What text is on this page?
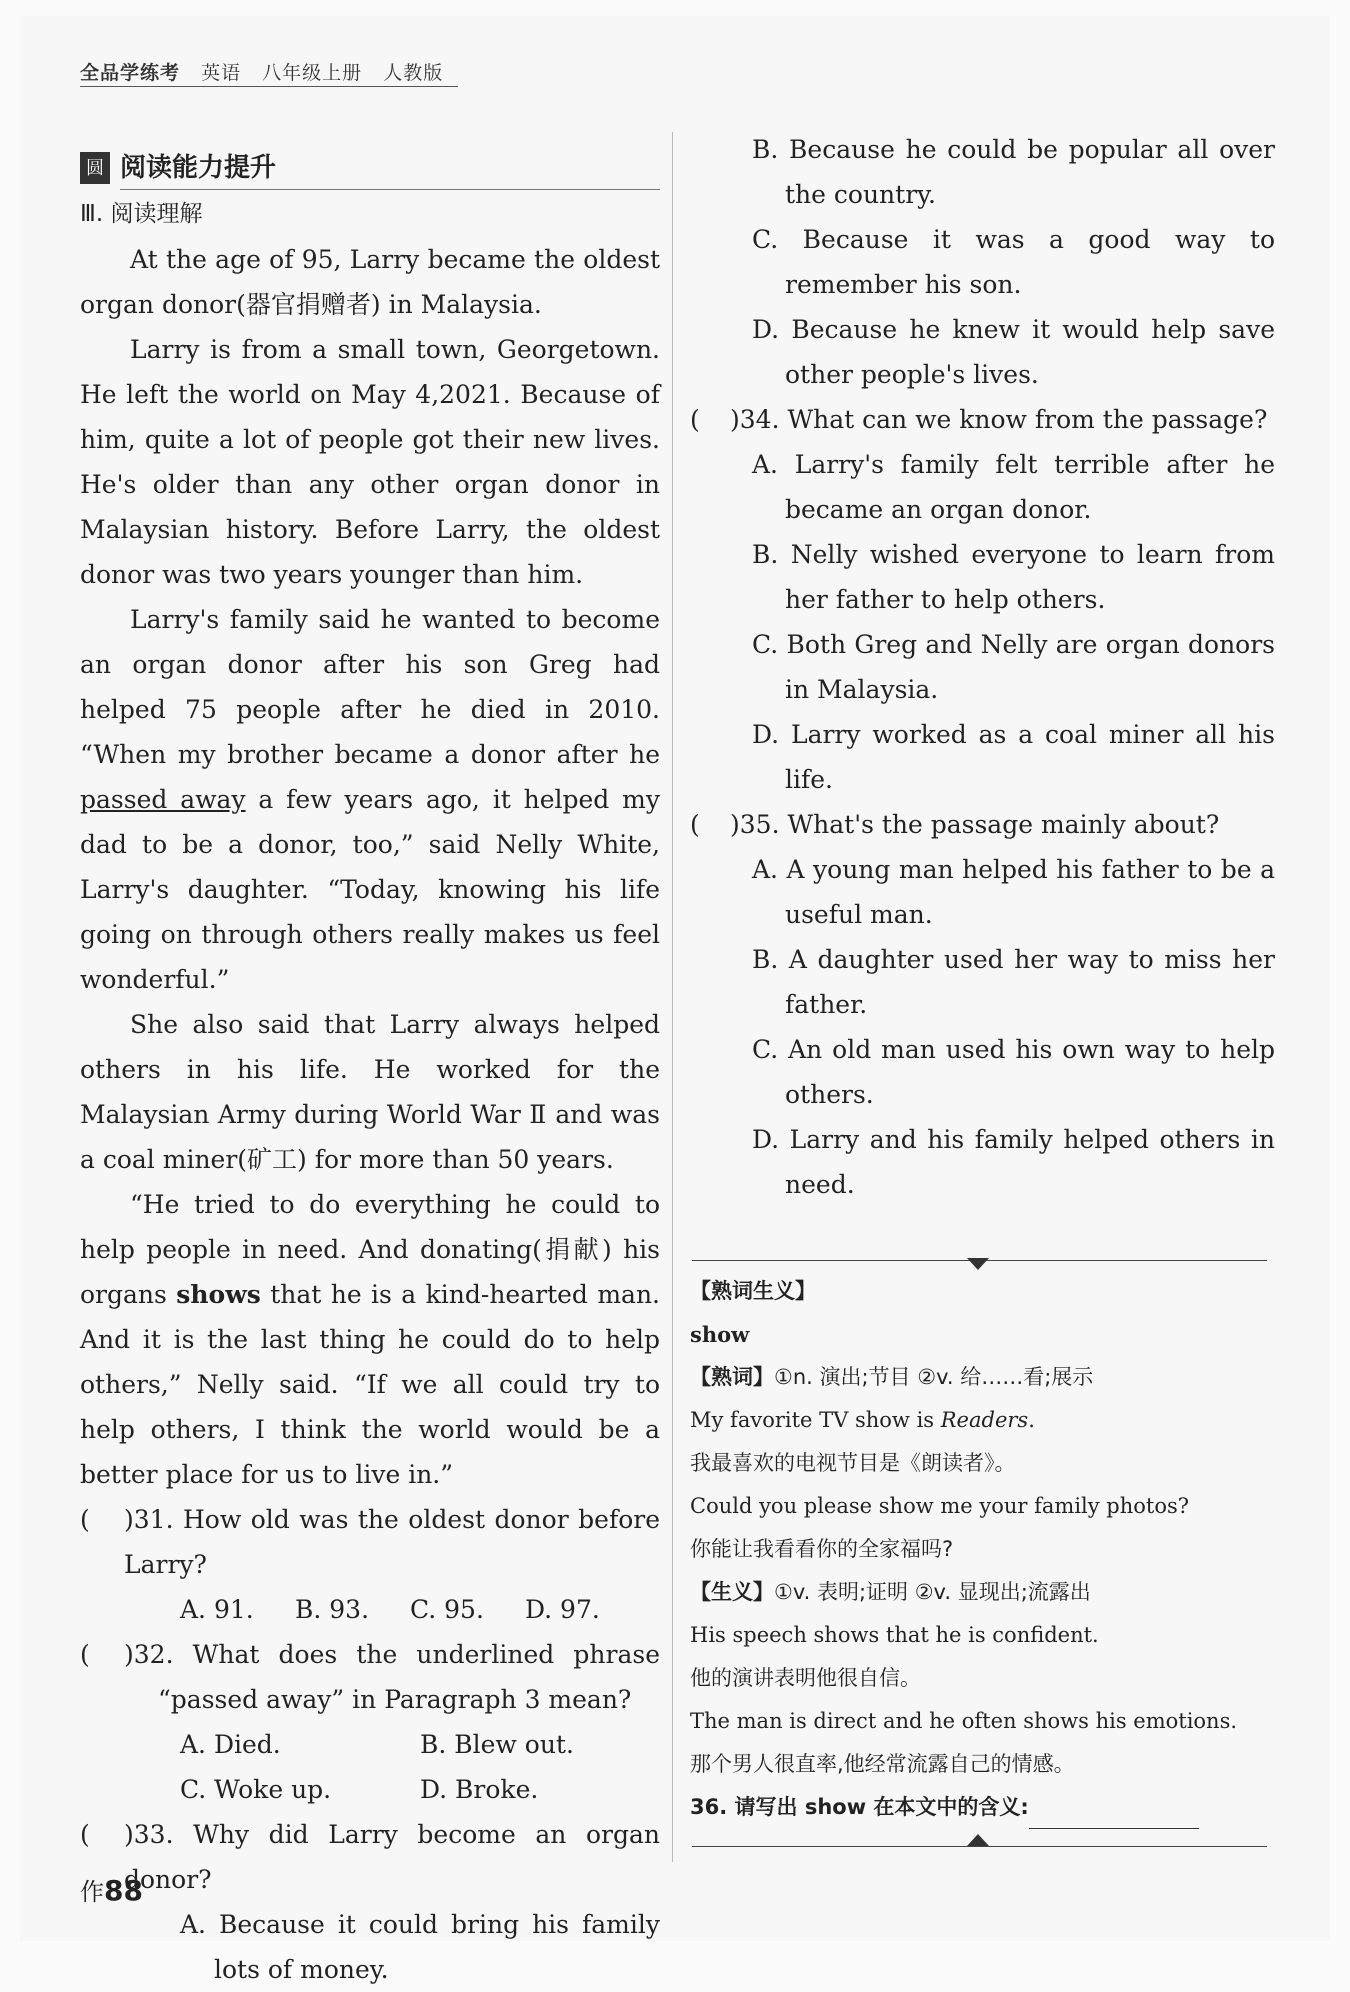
全品学练考 英语 八年级上册 人教版
圆 阅读能力提升
Ⅲ. 阅读理解

At the age of 95, Larry became the oldest organ donor(器官捐赠者) in Malaysia.

Larry is from a small town, Georgetown. He left the world on May 4,2021. Because of him, quite a lot of people got their new lives. He's older than any other organ donor in Malaysian history. Before Larry, the oldest donor was two years younger than him.

Larry's family said he wanted to become an organ donor after his son Greg had helped 75 people after he died in 2010. “When my brother became a donor after he passed away a few years ago, it helped my dad to be a donor, too,” said Nelly White, Larry's daughter. “Today, knowing his life going on through others really makes us feel wonderful.”

She also said that Larry always helped others in his life. He worked for the Malaysian Army during World War Ⅱ and was a coal miner(矿工) for more than 50 years.

“He tried to do everything he could to help people in need. And donating(捐献) his organs shows that he is a kind-hearted man. And it is the last thing he could do to help others,” Nelly said. “If we all could try to help others, I think the world would be a better place for us to live in.”

(	)31. How old was the oldest donor before Larry?
A. 91.	B. 93.	C. 95.	D. 97.
(	)32. What does the underlined phrase “passed away” in Paragraph 3 mean?
A. Died.	B. Blew out.
C. Woke up.	D. Broke.
(	)33. Why did Larry become an organ donor?

A. Because it could bring his family lots of money.

B. Because he could be popular all over the country.

C. Because it was a good way to remember his son.

D. Because he knew it would help save other people's lives.

(	)34. What can we know from the passage?

A. Larry's family felt terrible after he became an organ donor.

B. Nelly wished everyone to learn from her father to help others.

C. Both Greg and Nelly are organ donors in Malaysia.

D. Larry worked as a coal miner all his life.

(	)35. What's the passage mainly about?

A. A young man helped his father to be a useful man.

B. A daughter used her way to miss her father.

C. An old man used his own way to help others.

D. Larry and his family helped others in need.

【熟词生义】
show
【熟词】①n. 演出;节目 ②v. 给……看;展示
My favorite TV show is Readers.
我最喜欢的电视节目是《朗读者》。
Could you please show me your family photos?
你能让我看看你的全家福吗?
【生义】①v. 表明;证明 ②v. 显现出;流露出
His speech shows that he is confident.
他的演讲表明他很自信。
The man is direct and he often shows his emotions.
那个男人很直率,他经常流露自己的情感。
36. 请写出 show 在本文中的含义:
作88
